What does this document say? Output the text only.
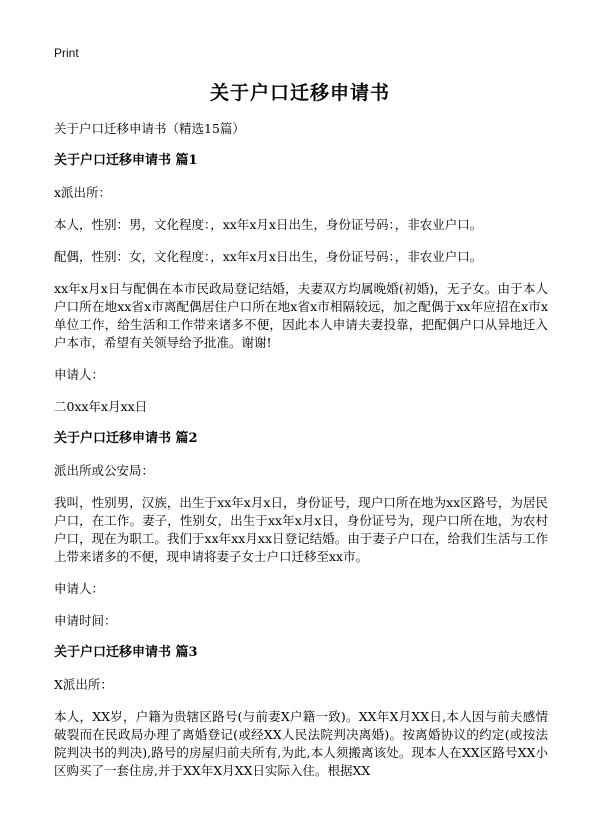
Print
关于户口迁移申请书

关于户口迁移申请书（精选15篇）

关于户口迁移申请书 篇1

x派出所：

本人，性别：男，文化程度：，xx年x月x日出生，身份证号码：，非农业户口。

配偶，性别：女，文化程度：，xx年x月x日出生，身份证号码：，非农业户口。

xx年x月x日与配偶在本市民政局登记结婚，夫妻双方均属晚婚(初婚)，无子女。由于本人户口所在地xx省x市离配偶居住户口所在地x省x市相隔较远，加之配偶于xx年应招在x市x单位工作，给生活和工作带来诸多不便，因此本人申请夫妻投靠，把配偶户口从异地迁入户本市，希望有关领导给予批准。谢谢!

申请人：

二0xx年x月xx日

关于户口迁移申请书 篇2

派出所或公安局：

我叫，性别男，汉族，出生于xx年x月x日，身份证号，现户口所在地为xx区路号，为居民户口，在工作。妻子，性别女，出生于xx年x月x日，身份证号为，现户口所在地，为农村户口，现在为职工。我们于xx年xx月xx日登记结婚。由于妻子户口在，给我们生活与工作上带来诸多的不便，现申请将妻子女士户口迁移至xx市。

申请人：

申请时间：

关于户口迁移申请书 篇3

X派出所：

本人，XX岁，户籍为贵辖区路号(与前妻X户籍一致)。XX年X月XX日,本人因与前夫感情破裂而在民政局办理了离婚登记(或经XX人民法院判决离婚)。按离婚协议的约定(或按法院判决书的判决),路号的房屋归前夫所有,为此,本人须搬离该处。现本人在XX区路号XX小区购买了一套住房,并于XX年X月XX日实际入住。根据XX
